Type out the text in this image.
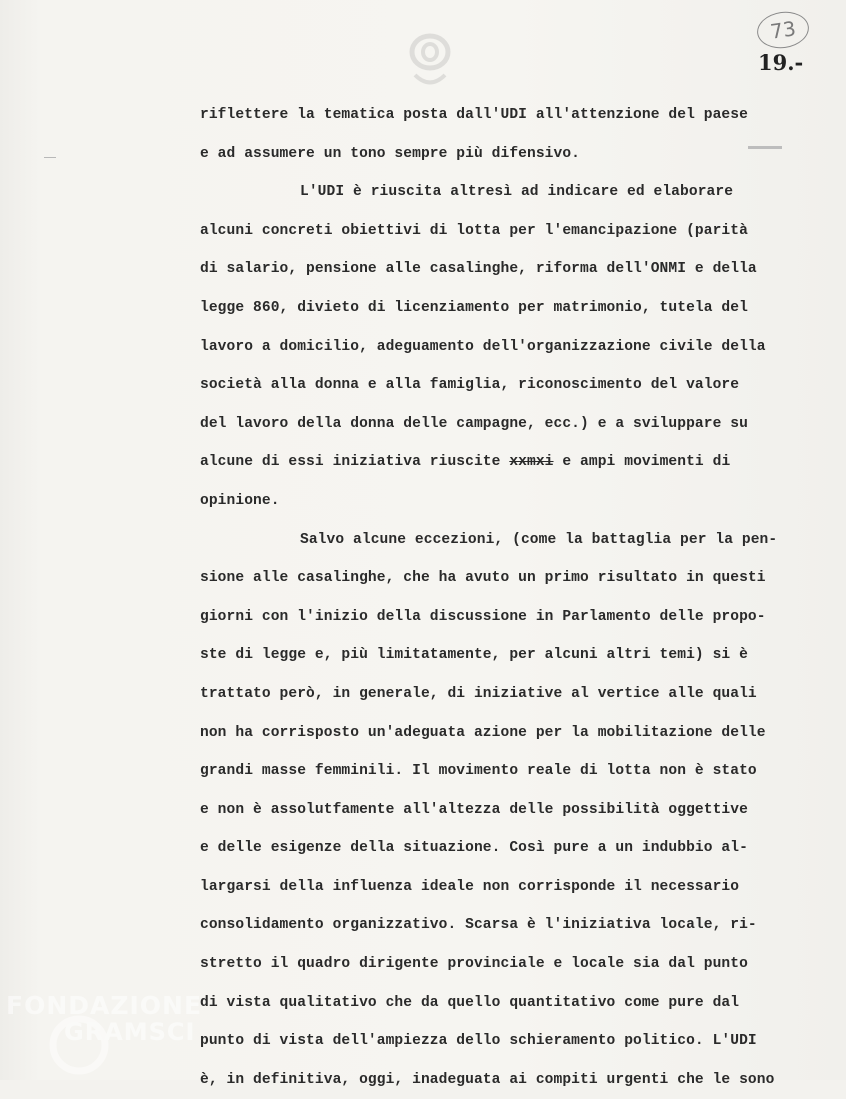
73
19.-
riflettere la tematica posta dall'UDI all'attenzione del paese
e ad assumere un tono sempre più difensivo.
L'UDI è riuscita altresì ad indicare ed elaborare
alcuni concreti obiettivi di lotta per l'emancipazione (parità
di salario, pensione alle casalinghe, riforma dell'ONMI e della
legge 860, divieto di licenziamento per matrimonio, tutela del
lavoro a domicilio, adeguamento dell'organizzazione civile della
società alla donna e alla famiglia, riconoscimento del valore
del lavoro della donna delle campagne, ecc.) e a sviluppare su
alcune di essi iniziativa riuscite xxmxi e ampi movimenti di
opinione.
Salvo alcune eccezioni, (come la battaglia per la pen-
sione alle casalinghe, che ha avuto un primo risultato in questi
giorni con l'inizio della discussione in Parlamento delle propo-
ste di legge e, più limitatamente, per alcuni altri temi) si è
trattato però, in generale, di iniziative al vertice alle quali
non ha corrisposto un'adeguata azione per la mobilitazione delle
grandi masse femminili. Il movimento reale di lotta non è stato
e non è assolutfamente all'altezza delle possibilità oggettive
e delle esigenze della situazione. Così pure a un indubbio al-
largarsi della influenza ideale non corrisponde il necessario
consolidamento organizzativo. Scarsa è l'iniziativa locale, ri-
stretto il quadro dirigente provinciale e locale sia dal punto
di vista qualitativo che da quello quantitativo come pure dal
punto di vista dell'ampiezza dello schieramento politico. L'UDI
è, in definitiva, oggi, inadeguata ai compiti urgenti che le sono
FONDAZIONE
GRAMSCI
